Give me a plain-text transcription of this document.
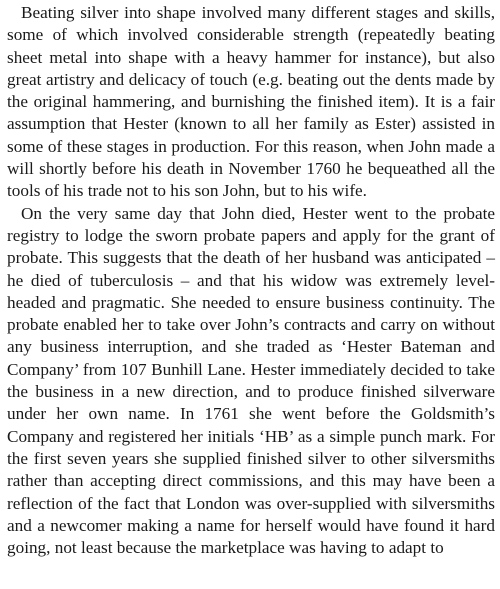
Beating silver into shape involved many different stages and skills, some of which involved considerable strength (repeatedly beating sheet metal into shape with a heavy hammer for instance), but also great artistry and delicacy of touch (e.g. beating out the dents made by the original hammering, and burnishing the finished item). It is a fair assumption that Hester (known to all her family as Ester) assisted in some of these stages in production. For this reason, when John made a will shortly before his death in November 1760 he bequeathed all the tools of his trade not to his son John, but to his wife.

On the very same day that John died, Hester went to the probate registry to lodge the sworn probate papers and apply for the grant of probate. This suggests that the death of her husband was anticipated – he died of tuberculosis – and that his widow was extremely level-headed and pragmatic. She needed to ensure business continuity. The probate enabled her to take over John’s contracts and carry on without any business interruption, and she traded as ‘Hester Bateman and Company’ from 107 Bunhill Lane. Hester immediately decided to take the business in a new direction, and to produce finished silverware under her own name. In 1761 she went before the Goldsmith’s Company and registered her initials ‘HB’ as a simple punch mark. For the first seven years she supplied finished silver to other silversmiths rather than accepting direct commissions, and this may have been a reflection of the fact that London was over-supplied with silversmiths and a newcomer making a name for herself would have found it hard going, not least because the marketplace was having to adapt to
